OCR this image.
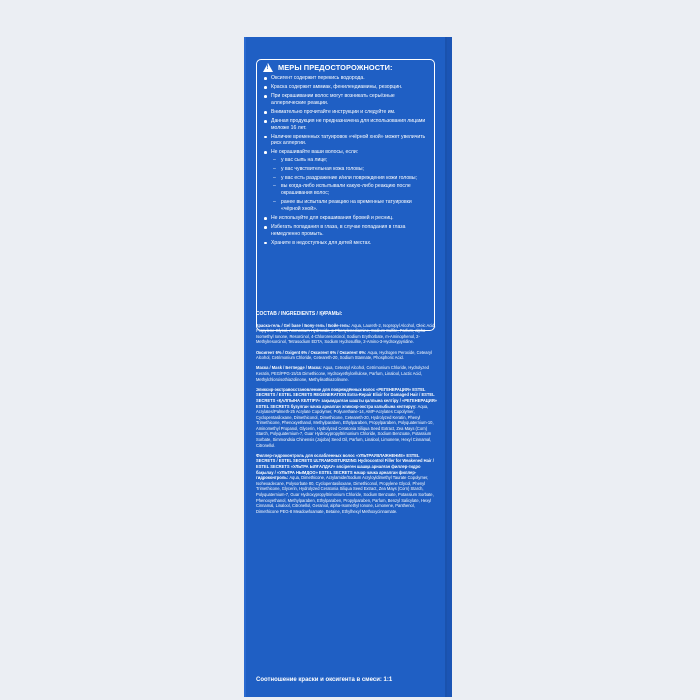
!
МЕРЫ ПРЕДОСТОРОЖНОСТИ:
Оксигент содержит перекись водорода.
Краска содержит аммиак, фенилендиамины, резорцин.
При окрашивании волос могут возникать серьёзные аллергические реакции.
Внимательно прочитайте инструкции и следуйте им.
Данная продукция не предназначена для использования лицами моложе 16 лет.
Наличие временных татуировок «чёрной хной» может увеличить риск аллергии.
Не окрашивайте ваши волосы, если:
– у вас сыпь на лице;
– у вас чувствительная кожа головы;
– у вас есть раздражение и/или повреждения кожи головы;
– вы когда-либо испытывали какую-либо реакцию после окрашивания волос;
– ранее вы испытали реакцию на временные татуировки «чёрной хной».
Не используйте для окрашивания бровей и ресниц.
Избегать попадания в глаза, в случае попадания в глаза немедленно промыть.
Храните в недоступных для детей местах.
СОСТАВ / INGREDIENTS / ҚҰРАМЫ:
Краска-гель / Gel base / Бояу-гель / Бойе-гель: Aqua, Laureth-2, Isopropyl Alcohol, Oleic Acid, Propylene Glycol, Ammonium Hydroxide, p-Phenylenediamine, Sodium Sulfite, Parfum, alpha-Isomethyl Ionone, Resorcinol, 4-Chlororesorcinol, Sodium Erythorbate, m-Aminophenol, 2-Methylresorcinol, Tetrasodium EDTA, Sodium Hydrosulfite, 2-Amino-3-Hydroxypyridine.
Оксигент 6% / Oxigent 6% / Оксигент 6% / Оксигент 6%: Aqua, Hydrogen Peroxide, Cetearyl Alcohol, Cetrimonium Chloride, Ceteareth-20, Sodium Stannate, Phosphoric Acid.
Маска / Mask / Бетперде / Маска: Aqua, Cetearyl Alcohol, Cetrimonium Chloride, Hydrolyzed Keratin, PEG/PPG-15/15 Dimethicone, Hydroxyethylcellulose, Parfum, Linalool, Lactic Acid, Methylchloroisothiazolinone, Methylisothiazolinone.
Эликсир-экстравосстановление для повреждённых волос «РЕГЕНЕРАЦИЯ» ESTEL SECRETS / ESTEL SECRETS REGENERATION Extra-Repair Elixir for Damaged Hair / ESTEL SECRETS «ҚАЛПЫНА КЕЛТІРУ» зақымдалған шашты қалпына келтіру / «РЕГЕНЕРАЦИЯ» ESTEL SECRETS бузулган чачка арналган эликсир-экстра калыбына келтирүү: Aqua, Acrylates/Palmeth-25 Acrylate Copolymer, Polyurethane-14, AMP-Acrylates Copolymer, Cyclopentasiloxane, Dimethiconol, Dimethicone, Ceteareth-20, Hydrolyzed Keratin, Phenyl Trimethicone, Phenoxyethanol, Methylparaben, Ethylparaben, Propylparaben, Polyquaternium-10, Aminomethyl Propanol, Glycerin, Hydrolyzed Ceratonia Siliqua Seed Extract, Zea Mays (Corn) Starch, Polyquaternium-7, Guar Hydroxypropyltrimonium Chloride, Sodium Benzoate, Potassium Sorbate, Simmondsia Chinensis (Jojoba) Seed Oil, Parfum, Linalool, Limonene, Hexyl Cinnamal, Citronellol.
Филлер-гидроконтроль для ослабленных волос «УЛЬТРАУВЛАЖНЕНИЕ» ESTEL SECRETS / ESTEL SECRETS ULTRAMOISTURIZING Hydrocontrol Filler for Weakened Hair / ESTEL SECRETS «УЛЬТРА ЫЛҒАЛДАУ» әлсіреген шашқа арналған филлер-гидро бақылау / «УЛЬТРА НЫМДОО» ESTEL SECRETS начар чачка арналган филлер-гидроконтроль: Aqua, Dimethicone, Acrylamide/Sodium Acryloyldimethyl Taurate Copolymer, Isohexadecane, Polysorbate 80, Cyclopentasiloxane, Dimethiconol, Propylene Glycol, Phenyl Trimethicone, Glycerin, Hydrolyzed Ceratonia Siliqua Seed Extract, Zea Mays (Corn) Starch, Polyquaternium-7, Guar Hydroxypropyltrimonium Chloride, Sodium Benzoate, Potassium Sorbate, Phenoxyethanol, Methylparaben, Ethylparaben, Propylparaben, Parfum, Benzyl Salicylate, Hexyl Cinnamal, Linalool, Citronellol, Geraniol, alpha-Isomethyl Ionone, Limonene, Panthenol, Dimethicone PEG-8 Meadowfoamate, Betaine, Ethylhexyl Methoxycinnamate.
Соотношение краски и оксигента в смеси: 1:1
